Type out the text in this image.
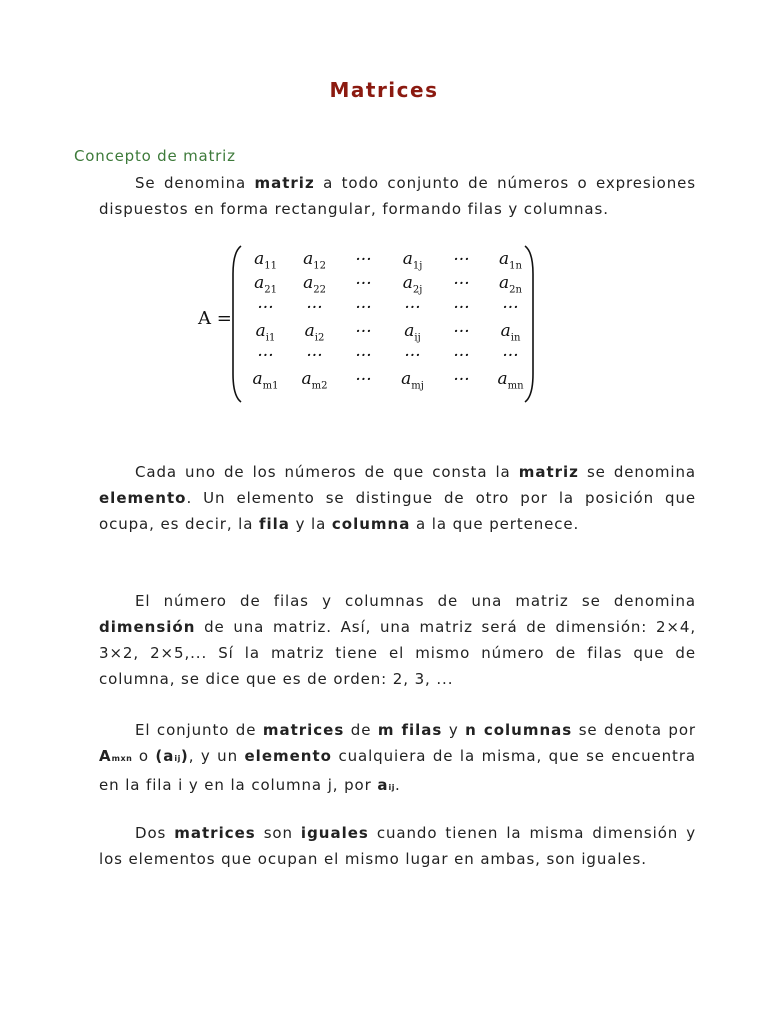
Matrices
Concepto de matriz
Se denomina matriz a todo conjunto de números o expresiones dispuestos en forma rectangular, formando filas y columnas.
A =
$a_{11}$	$a_{12}$	···	$a_{1j}$	···	$a_{1n}$
$a_{21}$	$a_{22}$	···	$a_{2j}$	···	$a_{2n}$
···	···	···	···	···	···
$a_{i1}$	$a_{i2}$	···	$a_{ij}$	···	$a_{in}$
···	···	···	···	···	···
$a_{m1}$	$a_{m2}$	···	$a_{mj}$	···	$a_{mn}$
Cada uno de los números de que consta la matriz se denomina elemento. Un elemento se distingue de otro por la posición que ocupa, es decir, la fila y la columna a la que pertenece.
El número de filas y columnas de una matriz se denomina dimensión de una matriz. Así, una matriz será de dimensión: 2×4, 3×2, 2×5,... Sí la matriz tiene el mismo número de filas que de columna, se dice que es de orden: 2, 3, ...
El conjunto de matrices de m filas y n columnas se denota por Amxn o (aij), y un elemento cualquiera de la misma, que se encuentra en la fila i y en la columna j, por aij.
Dos matrices son iguales cuando tienen la misma dimensión y los elementos que ocupan el mismo lugar en ambas, son iguales.
